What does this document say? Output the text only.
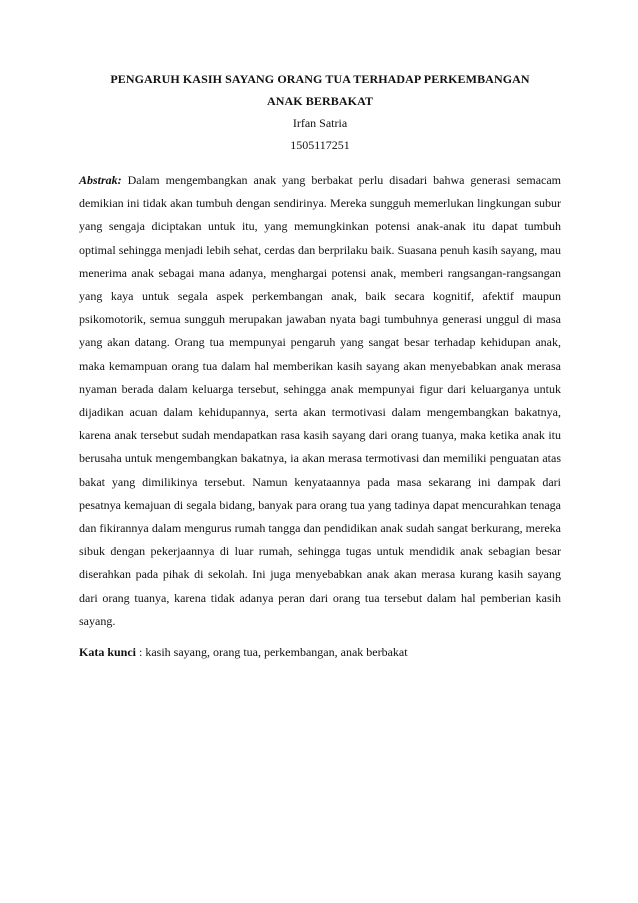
PENGARUH KASIH SAYANG ORANG TUA TERHADAP PERKEMBANGAN
ANAK BERBAKAT
Irfan Satria
1505117251
Abstrak: Dalam mengembangkan anak yang berbakat perlu disadari bahwa generasi semacam demikian ini tidak akan tumbuh dengan sendirinya. Mereka sungguh memerlukan lingkungan subur yang sengaja diciptakan untuk itu, yang memungkinkan potensi anak-anak itu dapat tumbuh optimal sehingga menjadi lebih sehat, cerdas dan berprilaku baik. Suasana penuh kasih sayang, mau menerima anak sebagai mana adanya, menghargai potensi anak, memberi rangsangan-rangsangan yang kaya untuk segala aspek perkembangan anak, baik secara kognitif, afektif maupun psikomotorik, semua sungguh merupakan jawaban nyata bagi tumbuhnya generasi unggul di masa yang akan datang. Orang tua mempunyai pengaruh yang sangat besar terhadap kehidupan anak, maka kemampuan orang tua dalam hal memberikan kasih sayang akan menyebabkan anak merasa nyaman berada dalam keluarga tersebut, sehingga anak mempunyai figur dari keluarganya untuk dijadikan acuan dalam kehidupannya, serta akan termotivasi dalam mengembangkan bakatnya, karena anak tersebut sudah mendapatkan rasa kasih sayang dari orang tuanya, maka ketika anak itu berusaha untuk mengembangkan bakatnya, ia akan merasa termotivasi dan memiliki penguatan atas bakat yang dimilikinya tersebut. Namun kenyataannya pada masa sekarang ini dampak dari pesatnya kemajuan di segala bidang, banyak para orang tua yang tadinya dapat mencurahkan tenaga dan fikirannya dalam mengurus rumah tangga dan pendidikan anak sudah sangat berkurang, mereka sibuk dengan pekerjaannya di luar rumah, sehingga tugas untuk mendidik anak sebagian besar diserahkan pada pihak di sekolah. Ini juga menyebabkan anak akan merasa kurang kasih sayang dari orang tuanya, karena tidak adanya peran dari orang tua tersebut dalam hal pemberian kasih sayang.
Kata kunci : kasih sayang, orang tua, perkembangan, anak berbakat
